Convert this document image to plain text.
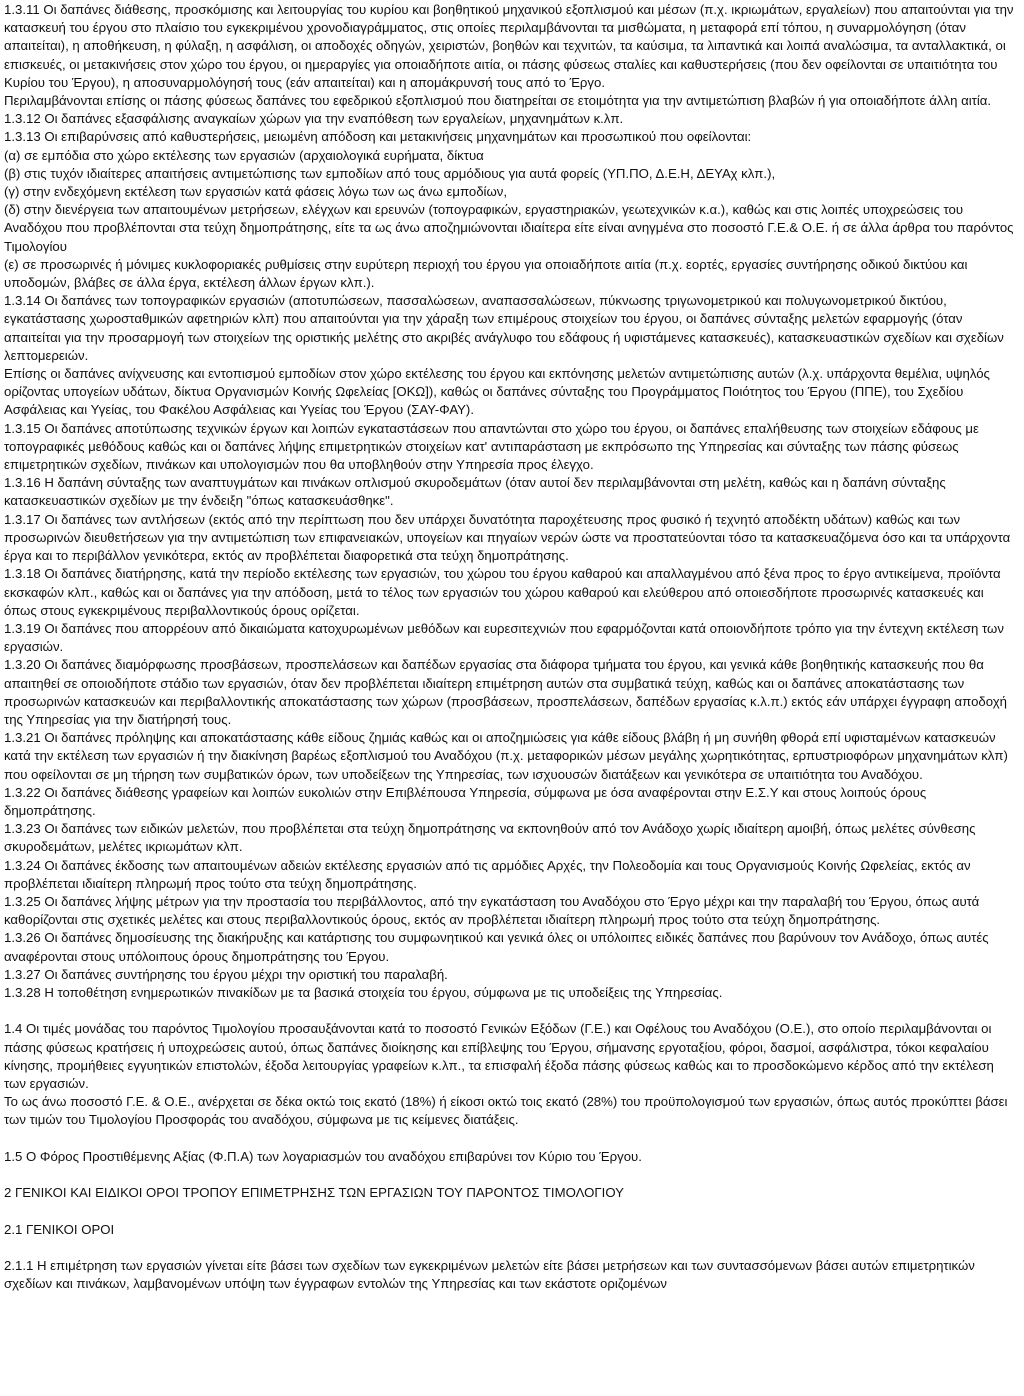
1.3.11 Οι δαπάνες διάθεσης, προσκόμισης και λειτουργίας του κυρίου και βοηθητικού μηχανικού εξοπλισμού και μέσων (π.χ. ικριωμάτων, εργαλείων) που απαιτούνται για την κατασκευή του έργου στο πλαίσιο του εγκεκριμένου χρονοδιαγράμματος, στις οποίες περιλαμβάνονται τα μισθώματα, η μεταφορά επί τόπου, η συναρμολόγηση (όταν απαιτείται), η αποθήκευση, η φύλαξη, η ασφάλιση, οι αποδοχές οδηγών, χειριστών, βοηθών και τεχνιτών, τα καύσιμα, τα λιπαντικά και λοιπά αναλώσιμα, τα ανταλλακτικά, οι επισκευές, οι μετακινήσεις στον χώρο του έργου, οι ημεραργίες για οποιαδήποτε αιτία, οι πάσης φύσεως σταλίες και καθυστερήσεις (που δεν οφείλονται σε υπαιτιότητα του Κυρίου του Έργου), η αποσυναρμολόγησή τους (εάν απαιτείται) και η απομάκρυνσή τους από το Έργο.

Περιλαμβάνονται επίσης οι πάσης φύσεως δαπάνες του εφεδρικού εξοπλισμού που διατηρείται σε ετοιμότητα για την αντιμετώπιση βλαβών ή για οποιαδήποτε άλλη αιτία.

1.3.12 Οι δαπάνες εξασφάλισης αναγκαίων χώρων για την εναπόθεση των εργαλείων, μηχανημάτων κ.λπ.

1.3.13 Οι επιβαρύνσεις από καθυστερήσεις, μειωμένη απόδοση και μετακινήσεις μηχανημάτων και προσωπικού που οφείλονται:

(α) σε εμπόδια στο χώρο εκτέλεσης των εργασιών (αρχαιολογικά ευρήματα, δίκτυα

(β) στις τυχόν ιδιαίτερες απαιτήσεις αντιμετώπισης των εμποδίων από τους αρμόδιους για αυτά φορείς (ΥΠ.ΠΟ, Δ.Ε.Η, ΔΕΥΑχ κλπ.),

(γ) στην ενδεχόμενη εκτέλεση των εργασιών κατά φάσεις λόγω των ως άνω εμποδίων,

(δ) στην διενέργεια των απαιτουμένων μετρήσεων, ελέγχων και ερευνών (τοπογραφικών, εργαστηριακών, γεωτεχνικών κ.α.), καθώς και στις λοιπές υποχρεώσεις του Αναδόχου που προβλέπονται στα τεύχη δημοπράτησης, είτε τα ως άνω αποζημιώνονται ιδιαίτερα είτε είναι ανηγμένα στο ποσοστό Γ.Ε.& Ο.Ε. ή σε άλλα άρθρα του παρόντος Τιμολογίου

(ε) σε προσωρινές ή μόνιμες κυκλοφοριακές ρυθμίσεις στην ευρύτερη περιοχή του έργου για οποιαδήποτε αιτία (π.χ. εορτές, εργασίες συντήρησης οδικού δικτύου και υποδομών, βλάβες σε άλλα έργα, εκτέλεση άλλων έργων κλπ.).

1.3.14 Οι δαπάνες των τοπογραφικών εργασιών (αποτυπώσεων, πασσαλώσεων, αναπασσαλώσεων, πύκνωσης τριγωνομετρικού και πολυγωνομετρικού δικτύου, εγκατάστασης χωροσταθμικών αφετηριών κλπ) που απαιτούνται για την χάραξη των επιμέρους στοιχείων του έργου, οι δαπάνες σύνταξης μελετών εφαρμογής (όταν απαιτείται για την προσαρμογή των στοιχείων της οριστικής μελέτης στο ακριβές ανάγλυφο του εδάφους ή υφιστάμενες κατασκευές), κατασκευαστικών σχεδίων και σχεδίων λεπτομερειών.

Επίσης οι δαπάνες ανίχνευσης και εντοπισμού εμποδίων στον χώρο εκτέλεσης του έργου και εκπόνησης μελετών αντιμετώπισης αυτών (λ.χ. υπάρχοντα θεμέλια, υψηλός ορίζοντας υπογείων υδάτων, δίκτυα Οργανισμών Κοινής Ωφελείας [ΟΚΩ]), καθώς οι δαπάνες σύνταξης του Προγράμματος Ποιότητος του Έργου (ΠΠΕ), του Σχεδίου Ασφάλειας και Υγείας, του Φακέλου Ασφάλειας και Υγείας του Έργου (ΣΑΥ-ΦΑΥ).

1.3.15 Οι δαπάνες αποτύπωσης τεχνικών έργων και λοιπών εγκαταστάσεων που απαντώνται στο χώρο του έργου, οι δαπάνες επαλήθευσης των στοιχείων εδάφους με τοπογραφικές μεθόδους καθώς και οι δαπάνες λήψης επιμετρητικών στοιχείων κατ' αντιπαράσταση με εκπρόσωπο της Υπηρεσίας και σύνταξης των πάσης φύσεως επιμετρητικών σχεδίων, πινάκων και υπολογισμών που θα υποβληθούν στην Υπηρεσία προς έλεγχο.

1.3.16 Η δαπάνη σύνταξης των αναπτυγμάτων και πινάκων οπλισμού σκυροδεμάτων (όταν αυτοί δεν περιλαμβάνονται στη μελέτη, καθώς και η δαπάνη σύνταξης κατασκευαστικών σχεδίων με την ένδειξη "όπως κατασκευάσθηκε".

1.3.17 Οι δαπάνες των αντλήσεων (εκτός από την περίπτωση που δεν υπάρχει δυνατότητα παροχέτευσης προς φυσικό ή τεχνητό αποδέκτη υδάτων) καθώς και των προσωρινών διευθετήσεων για την αντιμετώπιση των επιφανειακών, υπογείων και πηγαίων νερών ώστε να προστατεύονται τόσο τα κατασκευαζόμενα όσο και τα υπάρχοντα έργα και το περιβάλλον γενικότερα, εκτός αν προβλέπεται διαφορετικά στα τεύχη δημοπράτησης.

1.3.18 Οι δαπάνες διατήρησης, κατά την περίοδο εκτέλεσης των εργασιών, του χώρου του έργου καθαρού και απαλλαγμένου από ξένα προς το έργο αντικείμενα, προϊόντα εκσκαφών κλπ., καθώς και οι δαπάνες για την απόδοση, μετά το τέλος των εργασιών του χώρου καθαρού και ελεύθερου από οποιεσδήποτε προσωρινές κατασκευές και όπως στους εγκεκριμένους περιβαλλοντικούς όρους ορίζεται.

1.3.19 Οι δαπάνες που απορρέουν από δικαιώματα κατοχυρωμένων μεθόδων και ευρεσιτεχνιών που εφαρμόζονται κατά οποιονδήποτε τρόπο για την έντεχνη εκτέλεση των εργασιών.

1.3.20 Οι δαπάνες διαμόρφωσης προσβάσεων, προσπελάσεων και δαπέδων εργασίας στα διάφορα τμήματα του έργου, και γενικά κάθε βοηθητικής κατασκευής που θα απαιτηθεί σε οποιοδήποτε στάδιο των εργασιών, όταν δεν προβλέπεται ιδιαίτερη επιμέτρηση αυτών στα συμβατικά τεύχη, καθώς και οι δαπάνες αποκατάστασης των προσωρινών κατασκευών και περιβαλλοντικής αποκατάστασης των χώρων (προσβάσεων, προσπελάσεων, δαπέδων εργασίας κ.λ.π.) εκτός εάν υπάρχει έγγραφη αποδοχή της Υπηρεσίας για την διατήρησή τους.

1.3.21 Οι δαπάνες πρόληψης και αποκατάστασης κάθε είδους ζημιάς καθώς και οι αποζημιώσεις για κάθε είδους βλάβη ή μη συνήθη φθορά επί υφισταμένων κατασκευών κατά την εκτέλεση των εργασιών ή την διακίνηση βαρέως εξοπλισμού του Αναδόχου (π.χ. μεταφορικών μέσων μεγάλης χωρητικότητας, ερπυστριοφόρων μηχανημάτων κλπ) που οφείλονται σε μη τήρηση των συμβατικών όρων, των υποδείξεων της Υπηρεσίας, των ισχυουσών διατάξεων και γενικότερα σε υπαιτιότητα του Αναδόχου.

1.3.22 Οι δαπάνες διάθεσης γραφείων και λοιπών ευκολιών στην Επιβλέπουσα Υπηρεσία, σύμφωνα με όσα αναφέρονται στην Ε.Σ.Υ και στους λοιπούς όρους δημοπράτησης.

1.3.23 Οι δαπάνες των ειδικών μελετών, που προβλέπεται στα τεύχη δημοπράτησης να εκπονηθούν από τον Ανάδοχο χωρίς ιδιαίτερη αμοιβή, όπως μελέτες σύνθεσης σκυροδεμάτων, μελέτες ικριωμάτων κλπ.

1.3.24 Οι δαπάνες έκδοσης των απαιτουμένων αδειών εκτέλεσης εργασιών από τις αρμόδιες Αρχές, την Πολεοδομία και τους Οργανισμούς Κοινής Ωφελείας, εκτός αν προβλέπεται ιδιαίτερη πληρωμή προς τούτο στα τεύχη δημοπράτησης.

1.3.25 Οι δαπάνες λήψης μέτρων για την προστασία του περιβάλλοντος, από την εγκατάσταση του Αναδόχου στο Έργο μέχρι και την παραλαβή του Έργου, όπως αυτά καθορίζονται στις σχετικές μελέτες και στους περιβαλλοντικούς όρους, εκτός αν προβλέπεται ιδιαίτερη πληρωμή προς τούτο στα τεύχη δημοπράτησης.

1.3.26 Οι δαπάνες δημοσίευσης της διακήρυξης και κατάρτισης του συμφωνητικού και γενικά όλες οι υπόλοιπες ειδικές δαπάνες που βαρύνουν τον Ανάδοχο, όπως αυτές αναφέρονται στους υπόλοιπους όρους δημοπράτησης του Έργου.

1.3.27 Οι δαπάνες συντήρησης του έργου μέχρι την οριστική του παραλαβή.

1.3.28 Η τοποθέτηση ενημερωτικών πινακίδων με τα βασικά στοιχεία του έργου, σύμφωνα με τις υποδείξεις της Υπηρεσίας.

1.4 Οι τιμές μονάδας του παρόντος Τιμολογίου προσαυξάνονται κατά το ποσοστό Γενικών Εξόδων (Γ.Ε.) και Οφέλους του Αναδόχου (Ο.Ε.), στο οποίο περιλαμβάνονται οι πάσης φύσεως κρατήσεις ή υποχρεώσεις αυτού, όπως δαπάνες διοίκησης και επίβλεψης του Έργου, σήμανσης εργοταξίου, φόροι, δασμοί, ασφάλιστρα, τόκοι κεφαλαίου κίνησης, προμήθειες εγγυητικών επιστολών, έξοδα λειτουργίας γραφείων κ.λπ., τα επισφαλή έξοδα πάσης φύσεως καθώς και το προσδοκώμενο κέρδος από την εκτέλεση των εργασιών.

Το ως άνω ποσοστό Γ.Ε. & Ο.Ε., ανέρχεται σε δέκα οκτώ τοις εκατό (18%) ή είκοσι οκτώ τοις εκατό (28%) του προϋπολογισμού των εργασιών, όπως αυτός προκύπτει βάσει των τιμών του Τιμολογίου Προσφοράς του αναδόχου, σύμφωνα με τις κείμενες διατάξεις.

1.5 Ο Φόρος Προστιθέμενης Αξίας (Φ.Π.Α) των λογαριασμών του αναδόχου επιβαρύνει τον Κύριο του Έργου.

2 ΓΕΝΙΚΟΙ ΚΑΙ ΕΙΔΙΚΟΙ ΟΡΟΙ ΤΡΟΠΟΥ ΕΠΙΜΕΤΡΗΣΗΣ ΤΩΝ ΕΡΓΑΣΙΩΝ ΤΟΥ ΠΑΡΟΝΤΟΣ ΤΙΜΟΛΟΓΙΟΥ

2.1 ΓΕΝΙΚΟΙ ΟΡΟΙ

2.1.1 Η επιμέτρηση των εργασιών γίνεται είτε βάσει των σχεδίων των εγκεκριμένων μελετών είτε βάσει μετρήσεων και των συντασσόμενων βάσει αυτών επιμετρητικών σχεδίων και πινάκων, λαμβανομένων υπόψη των έγγραφων εντολών της Υπηρεσίας και των εκάστοτε οριζομένων
